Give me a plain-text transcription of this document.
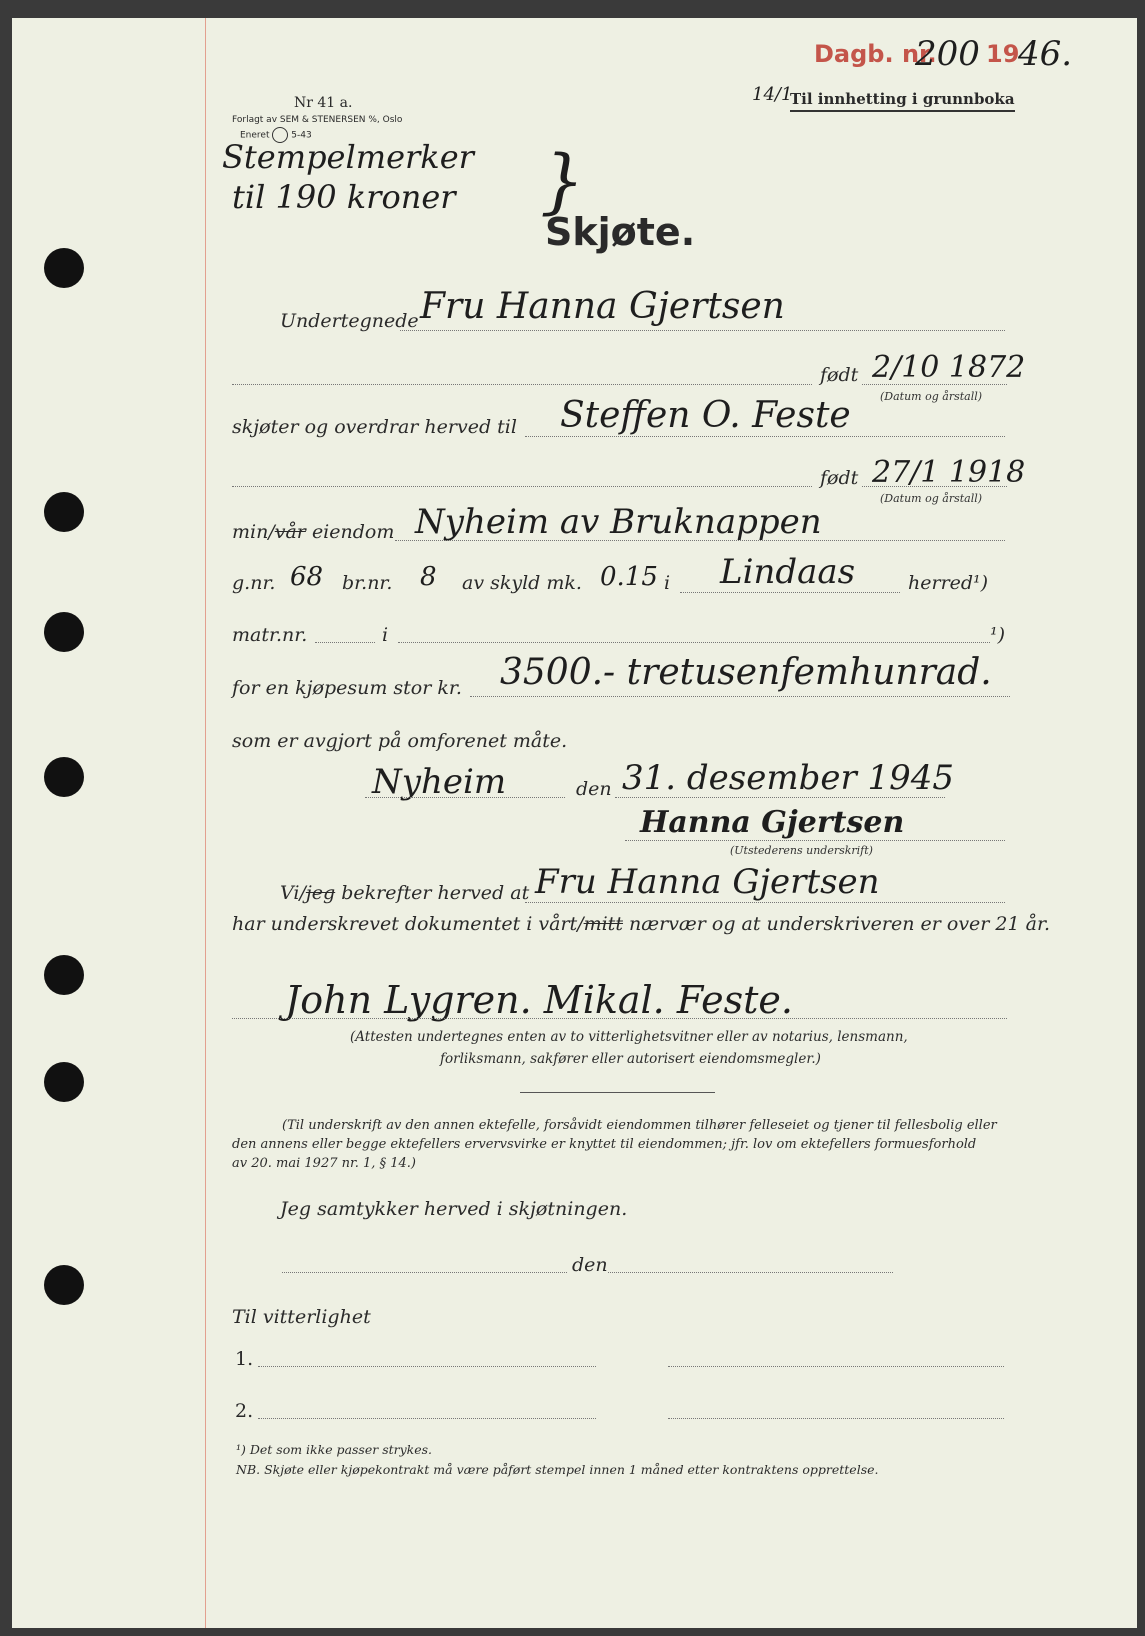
Dagb. nr.
200 19
46.
14/1
Til innhetting i grunnboka
Nr 41 a.
Forlagt av SEM & STENERSEN %, Oslo
Eneret 5-43
Stempelmerker
til 190 kroner }
Skjøte.
Undertegnede Fru Hanna Gjertsen
født 2/10 1872
(Datum og årstall)
skjøter og overdrar herved til Steffen O. Feste
født 27/1 1918
(Datum og årstall)
min/vår eiendom Nyheim av Bruknappen
g.nr. 68 br.nr. 8 av skyld mk. 0.15 i Lindaas	herred¹)
matr.nr.	i	¹)
for en kjøpesum stor kr. 3500.- tretusenfemhunrad.
som er avgjort på omforenet måte.
Nyheim	den 31. desember 1945
Hanna Gjertsen
(Utstederens underskrift)
Vi/jeg bekrefter herved at Fru Hanna Gjertsen
har underskrevet dokumentet i vårt/mitt nærvær og at underskriveren er over 21 år.
John Lygren. Mikal. Feste.
(Attesten undertegnes enten av to vitterlighetsvitner eller av notarius, lensmann,
forliksmann, sakfører eller autorisert eiendomsmegler.)
(Til underskrift av den annen ektefelle, forsåvidt eiendommen tilhører felleseiet og tjener til fellesbolig eller
den annens eller begge ektefellers ervervsvirke er knyttet til eiendommen; jfr. lov om ektefellers formuesforhold
av 20. mai 1927 nr. 1, § 14.)
Jeg samtykker herved i skjøtningen.
den
Til vitterlighet
1.
2.
¹) Det som ikke passer strykes.
NB. Skjøte eller kjøpekontrakt må være påført stempel innen 1 måned etter kontraktens opprettelse.
